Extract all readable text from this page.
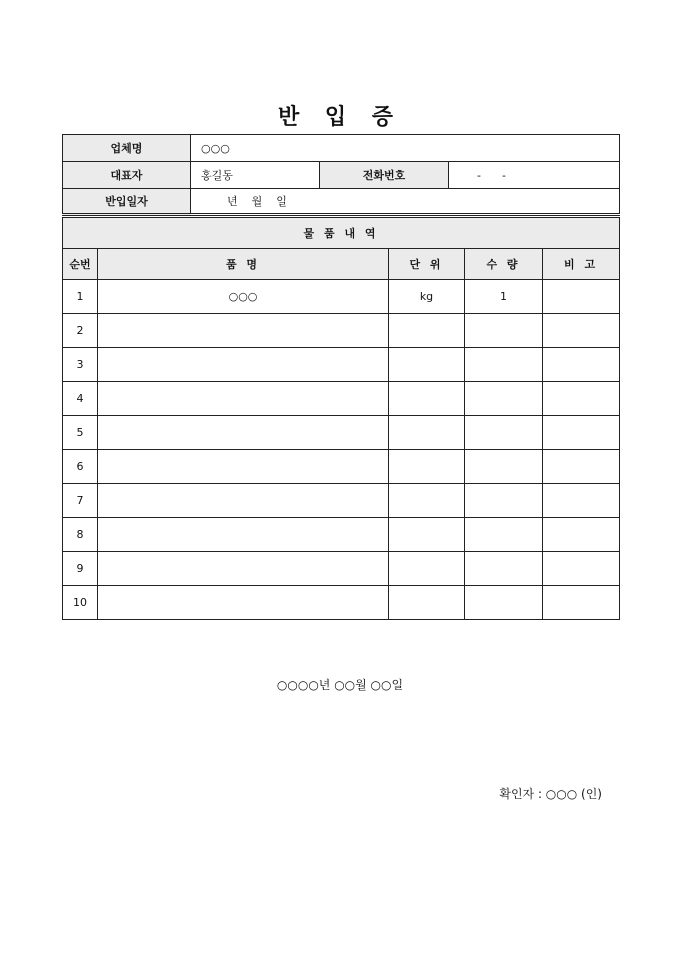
반 입 증
업체명	○○○		
대표자	홍길동	전화번호	-      -
반입일자	년    월    일		
물 품 내 역				
순번	품 명	단 위	수 량	비 고
1	○○○	kg	1	
2				
3				
4				
5				
6				
7				
8				
9				
10				
○○○○년 ○○월 ○○일
확인자 : ○○○ (인)
